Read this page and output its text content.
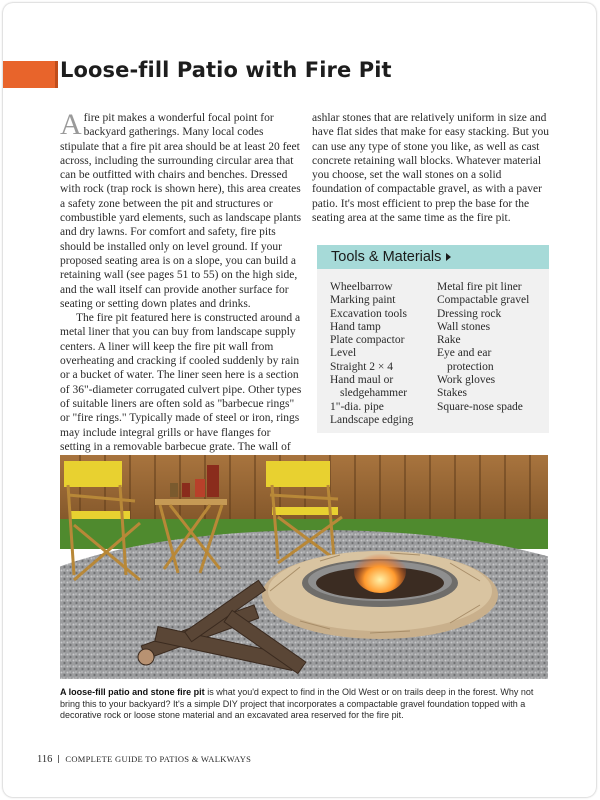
Loose-fill Patio with Fire Pit

Afire pit makes a wonderful focal point for backyard gatherings. Many local codes stipulate that a fire pit area should be at least 20 feet across, including the surrounding circular area that can be outfitted with chairs and benches. Dressed with rock (trap rock is shown here), this area creates a safety zone between the pit and structures or combustible yard elements, such as landscape plants and dry lawns. For comfort and safety, fire pits should be installed only on level ground. If your proposed seating area is on a slope, you can build a retaining wall (see pages 51 to 55) on the high side, and the wall itself can provide another surface for seating or setting down plates and drinks.

The fire pit featured here is constructed around a metal liner that you can buy from landscape supply centers. A liner will keep the fire pit wall from overheating and cracking if cooled suddenly by rain or a bucket of water. The liner seen here is a section of 36"-diameter corrugated culvert pipe. Other types of suitable liners are often sold as "barbecue rings" or "fire rings." Typically made of steel or iron, rings may include integral grills or have flanges for setting in a removable barbecue grate. The wall of

ashlar stones that are relatively uniform in size and have flat sides that make for easy stacking. But you can use any type of stone you like, as well as cast concrete retaining wall blocks. Whatever material you choose, set the wall stones on a solid foundation of compactable gravel, as with a paver patio. It's most efficient to prep the base for the seating area at the same time as the fire pit.

Tools & Materials
Wheelbarrow
Marking paint
Excavation tools
Hand tamp
Plate compactor
Level
Straight 2 × 4
Hand maul or
sledgehammer
1"-dia. pipe
Landscape edging
Metal fire pit liner
Compactable gravel
Dressing rock
Wall stones
Rake
Eye and ear
protection
Work gloves
Stakes
Square-nose spade

A loose-fill patio and stone fire pit is what you'd expect to find in the Old West or on trails deep in the forest. Why not bring this to your backyard? It's a simple DIY project that incorporates a compactable gravel foundation topped with a decorative rock or loose stone material and an excavated area reserved for the fire pit.

116 COMPLETE GUIDE TO PATIOS & WALKWAYS
